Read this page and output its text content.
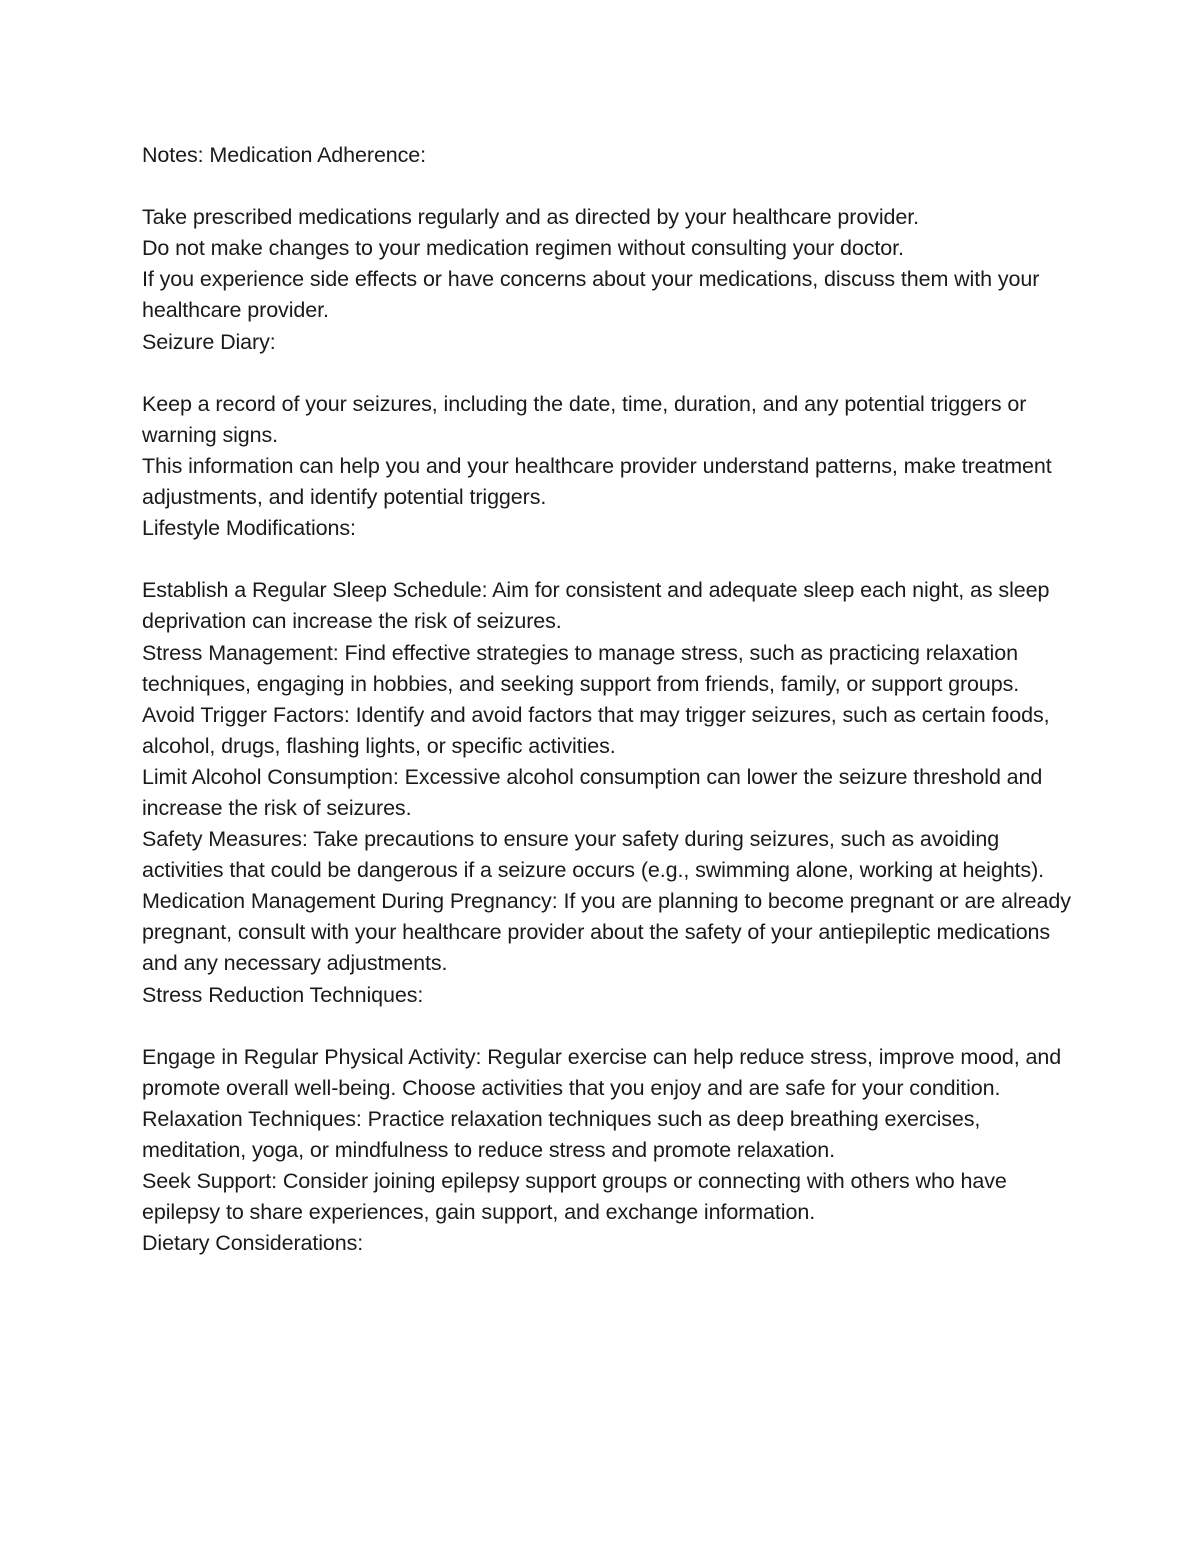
Notes: Medication Adherence:

Take prescribed medications regularly and as directed by your healthcare provider.

Do not make changes to your medication regimen without consulting your doctor.

If you experience side effects or have concerns about your medications, discuss them with your healthcare provider.

Seizure Diary:

Keep a record of your seizures, including the date, time, duration, and any potential triggers or warning signs.

This information can help you and your healthcare provider understand patterns, make treatment adjustments, and identify potential triggers.

Lifestyle Modifications:

Establish a Regular Sleep Schedule: Aim for consistent and adequate sleep each night, as sleep deprivation can increase the risk of seizures.

Stress Management: Find effective strategies to manage stress, such as practicing relaxation techniques, engaging in hobbies, and seeking support from friends, family, or support groups.

Avoid Trigger Factors: Identify and avoid factors that may trigger seizures, such as certain foods, alcohol, drugs, flashing lights, or specific activities.

Limit Alcohol Consumption: Excessive alcohol consumption can lower the seizure threshold and increase the risk of seizures.

Safety Measures: Take precautions to ensure your safety during seizures, such as avoiding activities that could be dangerous if a seizure occurs (e.g., swimming alone, working at heights).

Medication Management During Pregnancy: If you are planning to become pregnant or are already pregnant, consult with your healthcare provider about the safety of your antiepileptic medications and any necessary adjustments.

Stress Reduction Techniques:

Engage in Regular Physical Activity: Regular exercise can help reduce stress, improve mood, and promote overall well-being. Choose activities that you enjoy and are safe for your condition.

Relaxation Techniques: Practice relaxation techniques such as deep breathing exercises, meditation, yoga, or mindfulness to reduce stress and promote relaxation.

Seek Support: Consider joining epilepsy support groups or connecting with others who have epilepsy to share experiences, gain support, and exchange information.

Dietary Considerations:
